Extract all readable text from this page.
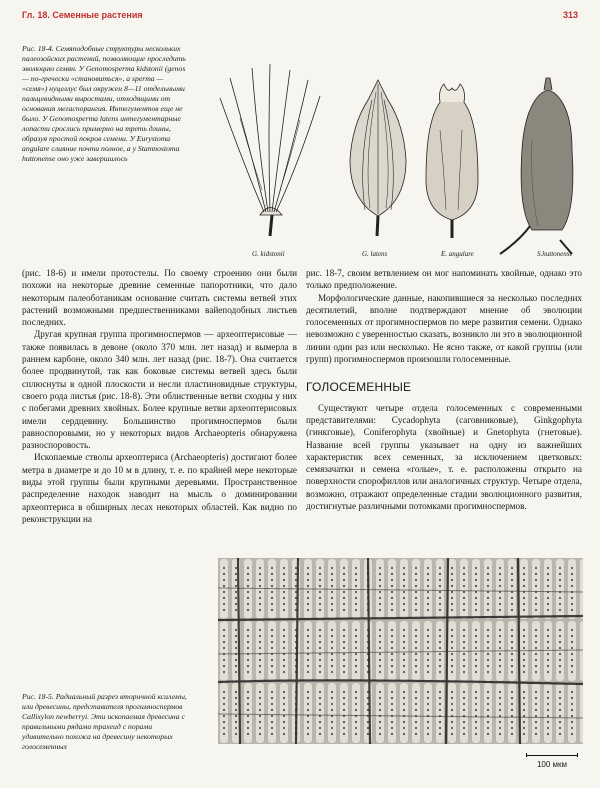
Гл. 18. Семенные растения	313

Рис. 18-4. Семяподобные структуры нескольких палеозойских растений, позволяющие проследить эволюцию семян. У Genomosperma kidstonii (genos — по-гречески «становиться», а sperma — «семя») нуцеллус был окружен 8—11 отдельными пальцевидными выростами, отходящими от основания мегаспорангия. Интегументов еще не было. У Genomosperma latens интегументарные лопасти срослись примерно на треть длины, образуя простой покров семени. У Eurystoma angulare слияние почти полное, а у Stamnostoma huttonense оно уже завершилось

G. kidstonii	G. latens	E. angulare	S.huttonense

(рис. 18-6) и имели протостелы. По своему строению они были похожи на некоторые древние семенные папоротники, что дало некоторым палеоботаникам основание считать системы ветвей этих растений возможными предшественниками вайеподобных листьев последних.

Другая крупная группа прогимноспермов — археоптерисовые — также появилась в девоне (около 370 млн. лет назад) и вымерла в раннем карбоне, около 340 млн. лет назад (рис. 18-7). Она считается более продвинутой, так как боковые системы ветвей здесь были сплюснуты в одной плоскости и несли пластиновидные структуры, своего рода листья (рис. 18-8). Эти облиственные ветви сходны у них с побегами древних хвойных. Более крупные ветви археоптерисовых имели сердцевину. Большинство прогимноспермов были равноспоровыми, но у некоторых видов Archaeopteris обнаружена разноспоровость.

Ископаемые стволы археоптериса (Archaeopteris) достигают более метра в диаметре и до 10 м в длину, т. е. по крайней мере некоторые виды этой группы были крупными деревьями. Пространственное распределение находок наводит на мысль о доминировании археоптериса в обширных лесах некоторых областей. Как видно по реконструкции на

рис. 18-7, своим ветвлением он мог напоминать хвойные, однако это только предположение.

Морфологические данные, накопившиеся за несколько последних десятилетий, вполне подтверждают мнение об эволюции голосеменных от прогимноспермов по мере развития семени. Однако невозможно с уверенностью сказать, возникло ли это в эволюционной линии один раз или несколько. Не ясно также, от какой группы (или групп) прогимноспермов произошли голосеменные.

ГОЛОСЕМЕННЫЕ

Существуют четыре отдела голосеменных с современными представителями: Cycadophyta (саговниковые), Ginkgophyta (гинкговые), Coniferophyta (хвойные) и Gnetophyta (гнетовые). Название всей группы указывает на одну из важнейших характеристик всех семенных, за исключением цветковых: семязачатки и семена «голые», т. е. расположены открыто на поверхности спорофиллов или аналогичных структур. Четыре отдела, возможно, отражают определенные стадии эволюционного развития, достигнутые различными потомками прогимноспермов.

Рис. 18-5. Радиальный разрез вторичной ксилемы, или древесины, представителя прогимноспермов Callixylon newberryi. Эти ископаемая древесина с правильными рядами трахеид с порами удивительно похожа на древесину некоторых голосеменных

100 мкм
